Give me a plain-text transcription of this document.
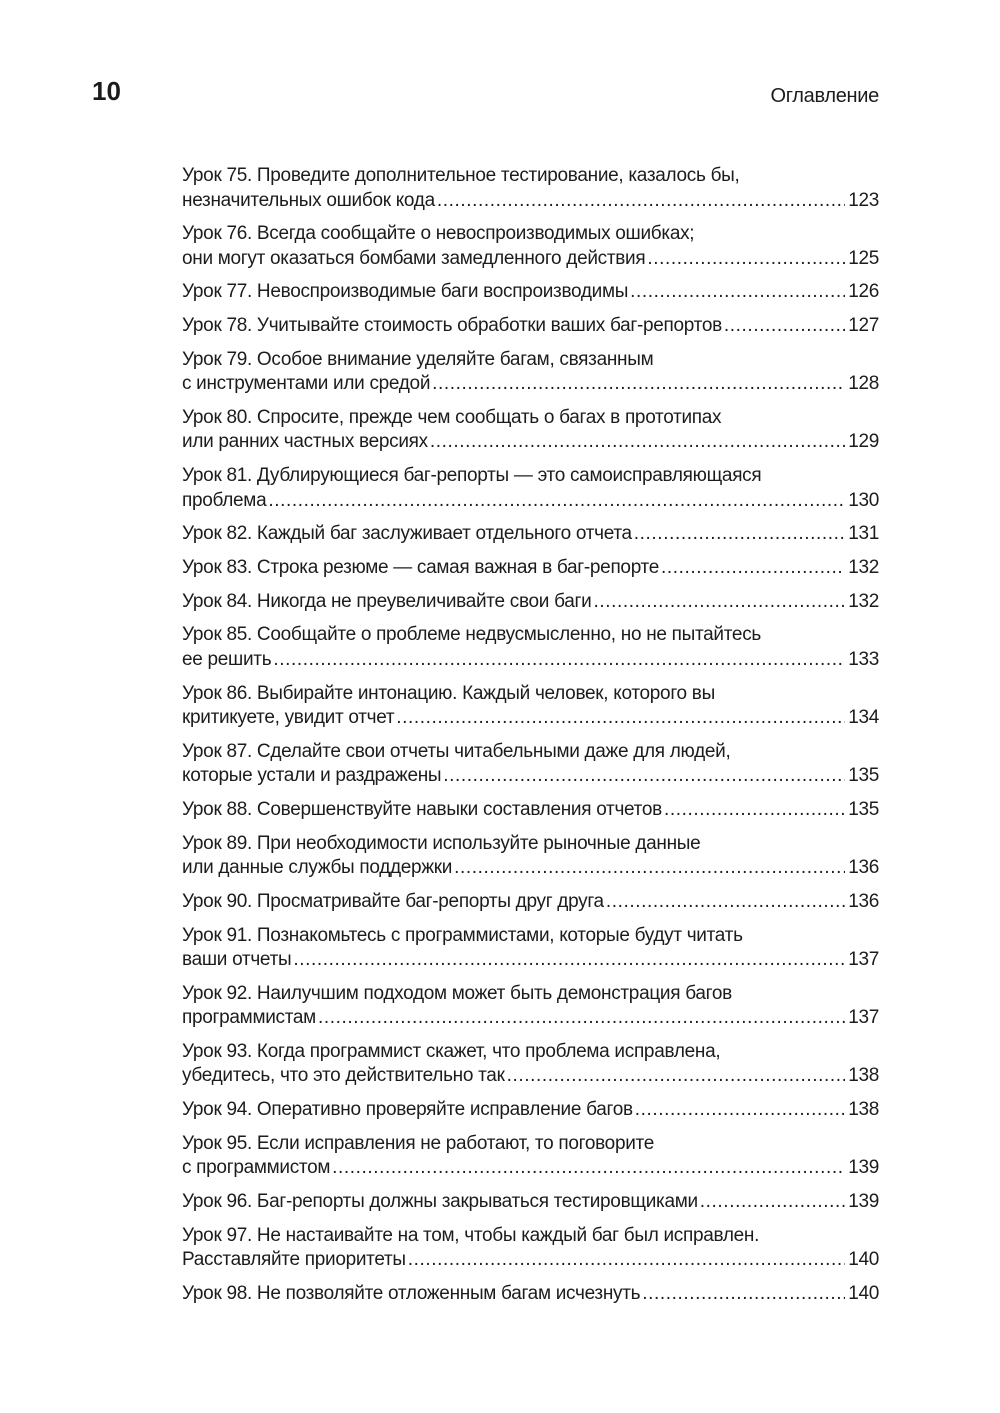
10	Оглавление
Урок 75. Проведите дополнительное тестирование, казалось бы,
незначительных ошибок кода .....	123
Урок 76. Всегда сообщайте о невоспроизводимых ошибках;
они могут оказаться бомбами замедленного действия .....	125
Урок 77. Невоспроизводимые баги воспроизводимы .....	126
Урок 78. Учитывайте стоимость обработки ваших баг-репортов .....	127
Урок 79. Особое внимание уделяйте багам, связанным
с инструментами или средой .....	128
Урок 80. Спросите, прежде чем сообщать о багах в прототипах
или ранних частных версиях .....	129
Урок 81. Дублирующиеся баг-репорты — это самоисправляющаяся
проблема .....	130
Урок 82. Каждый баг заслуживает отдельного отчета .....	131
Урок 83. Строка резюме — самая важная в баг-репорте .....	132
Урок 84. Никогда не преувеличивайте свои баги .....	132
Урок 85. Сообщайте о проблеме недвусмысленно, но не пытайтесь
ее решить .....	133
Урок 86. Выбирайте интонацию. Каждый человек, которого вы
критикуете, увидит отчет .....	134
Урок 87. Сделайте свои отчеты читабельными даже для людей,
которые устали и раздражены .....	135
Урок 88. Совершенствуйте навыки составления отчетов .....	135
Урок 89. При необходимости используйте рыночные данные
или данные службы поддержки .....	136
Урок 90. Просматривайте баг-репорты друг друга .....	136
Урок 91. Познакомьтесь с программистами, которые будут читать
ваши отчеты .....	137
Урок 92. Наилучшим подходом может быть демонстрация багов
программистам .....	137
Урок 93. Когда программист скажет, что проблема исправлена,
убедитесь, что это действительно так .....	138
Урок 94. Оперативно проверяйте исправление багов .....	138
Урок 95. Если исправления не работают, то поговорите
с программистом .....	139
Урок 96. Баг-репорты должны закрываться тестировщиками .....	139
Урок 97. Не настаивайте на том, чтобы каждый баг был исправлен.
Расставляйте приоритеты .....	140
Урок 98. Не позволяйте отложенным багам исчезнуть .....	140
